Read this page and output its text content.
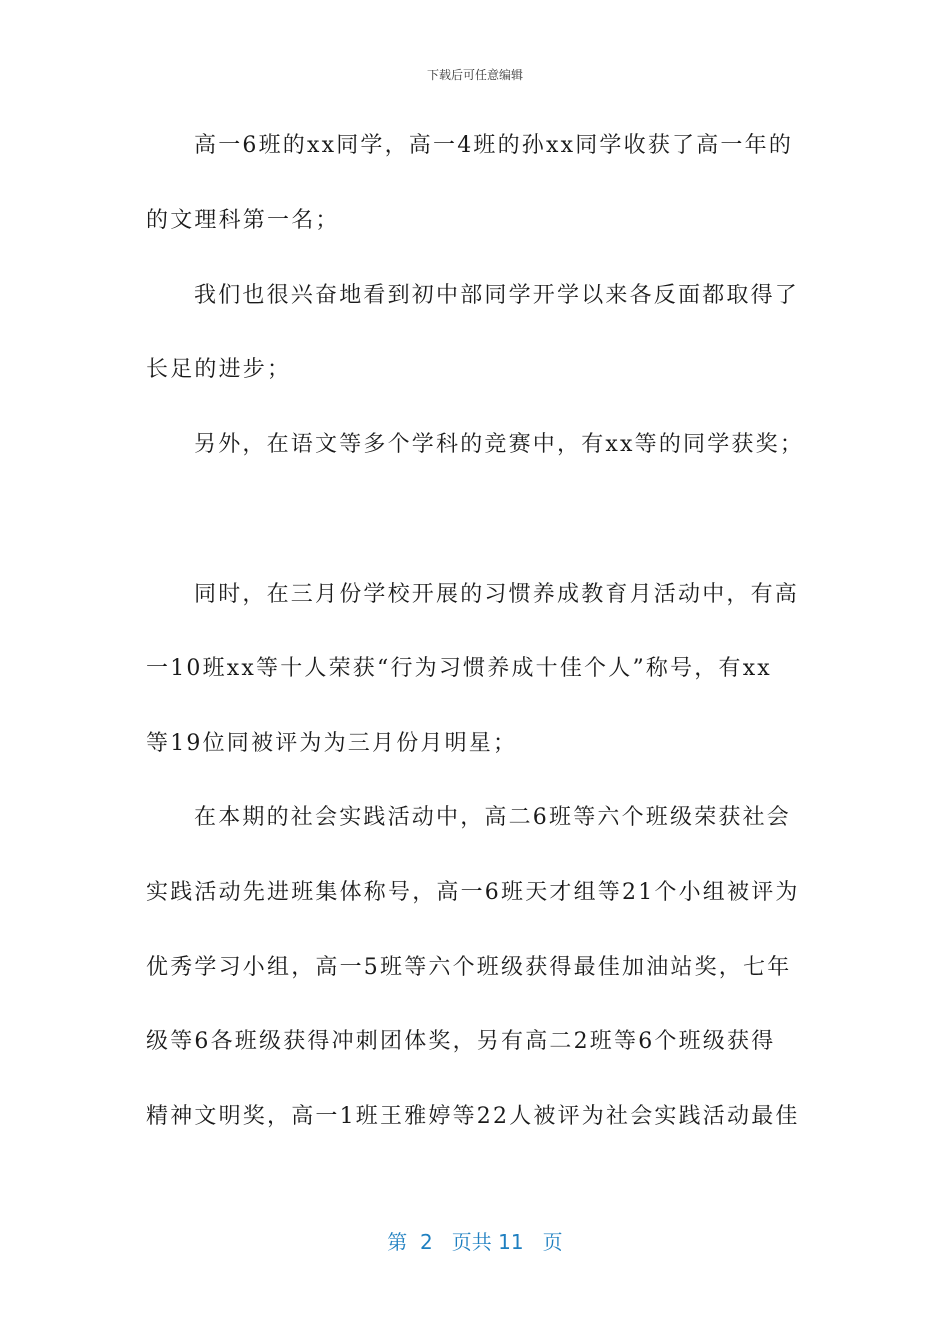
下载后可任意编辑
高一6班的xx同学，高一4班的孙xx同学收获了高一年的
的文理科第一名；
我们也很兴奋地看到初中部同学开学以来各反面都取得了
长足的进步；
另外，在语文等多个学科的竞赛中，有xx等的同学获奖；
同时，在三月份学校开展的习惯养成教育月活动中，有高
一10班xx等十人荣获“行为习惯养成十佳个人”称号，有xx
等19位同被评为为三月份月明星；
在本期的社会实践活动中，高二6班等六个班级荣获社会
实践活动先进班集体称号，高一6班天才组等21个小组被评为
优秀学习小组，高一5班等六个班级获得最佳加油站奖，七年
级等6各班级获得冲刺团体奖，另有高二2班等6个班级获得
精神文明奖，高一1班王雅婷等22人被评为社会实践活动最佳
第  2   页共 11   页
